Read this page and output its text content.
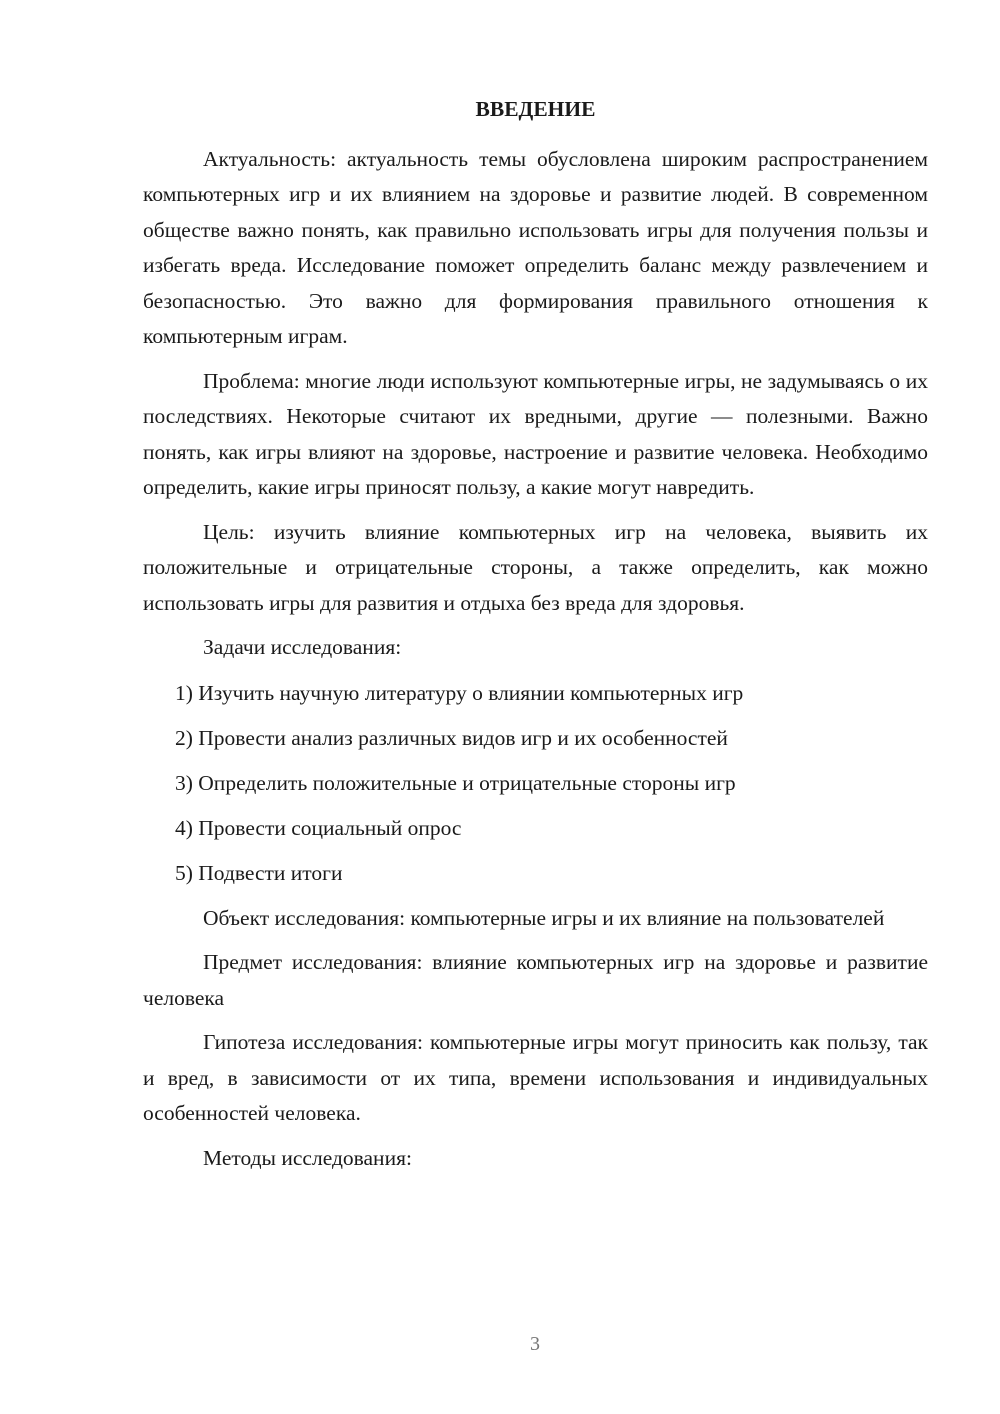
ВВЕДЕНИЕ

Актуальность: актуальность темы обусловлена широким распространением компьютерных игр и их влиянием на здоровье и развитие людей. В современном обществе важно понять, как правильно использовать игры для получения пользы и избегать вреда. Исследование поможет определить баланс между развлечением и безопасностью. Это важно для формирования правильного отношения к компьютерным играм.

Проблема: многие люди используют компьютерные игры, не задумываясь о их последствиях. Некоторые считают их вредными, другие — полезными. Важно понять, как игры влияют на здоровье, настроение и развитие человека. Необходимо определить, какие игры приносят пользу, а какие могут навредить.

Цель: изучить влияние компьютерных игр на человека, выявить их положительные и отрицательные стороны, а также определить, как можно использовать игры для развития и отдыха без вреда для здоровья.

Задачи исследования:

1) Изучить научную литературу о влиянии компьютерных игр
2) Провести анализ различных видов игр и их особенностей
3) Определить положительные и отрицательные стороны игр
4) Провести социальный опрос
5) Подвести итоги

Объект исследования: компьютерные игры и их влияние на пользователей

Предмет исследования: влияние компьютерных игр на здоровье и развитие человека

Гипотеза исследования: компьютерные игры могут приносить как пользу, так и вред, в зависимости от их типа, времени использования и индивидуальных особенностей человека.

Методы исследования:

3
